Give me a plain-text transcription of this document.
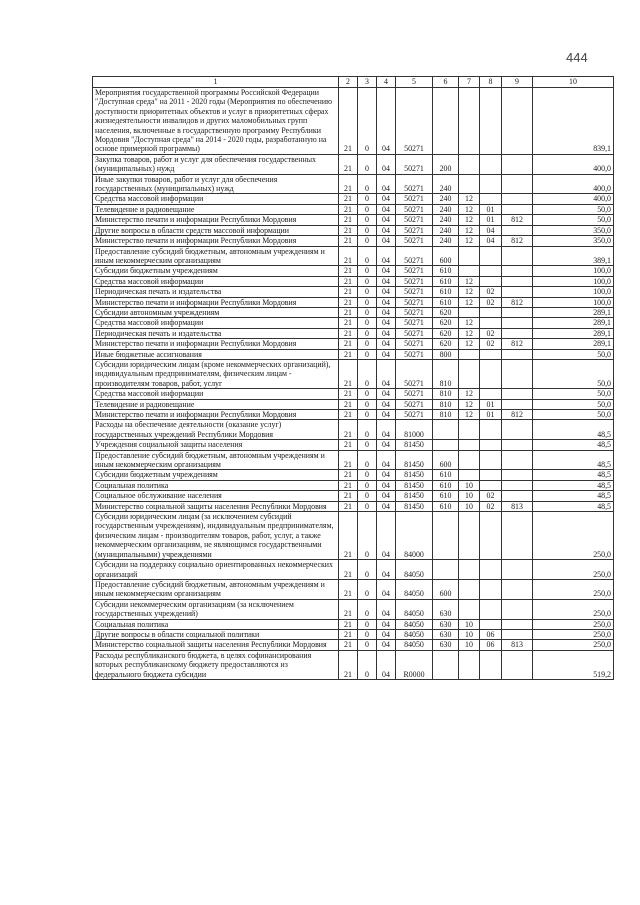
444
1	2	3	4	5	6	7	8	9	10
Мероприятия государственной программы Российской Федерации "Доступная среда" на 2011 - 2020 годы (Мероприятия по обеспечению доступности приоритетных объектов и услуг в приоритетных сферах жизнедеятельности инвалидов и других маломобильных групп населения, включенные в государственную программу Республики Мордовия "Доступная среда" на 2014 - 2020 годы, разработанную на основе примерной программы)	21	0	04	50271					839,1
Закупка товаров, работ и услуг для обеспечения государственных (муниципальных) нужд	21	0	04	50271	200				400,0
Иные закупки товаров, работ и услуг для обеспечения государственных (муниципальных) нужд	21	0	04	50271	240				400,0
Средства массовой информации	21	0	04	50271	240	12			400,0
Телевидение и радиовещание	21	0	04	50271	240	12	01		50,0
Министерство печати и информации Республики Мордовия	21	0	04	50271	240	12	01	812	50,0
Другие вопросы в области средств массовой информации	21	0	04	50271	240	12	04		350,0
Министерство печати и информации Республики Мордовия	21	0	04	50271	240	12	04	812	350,0
Предоставление субсидий бюджетным, автономным учреждениям и иным некоммерческим организациям	21	0	04	50271	600				389,1
Субсидии бюджетным учреждениям	21	0	04	50271	610				100,0
Средства массовой информации	21	0	04	50271	610	12			100,0
Периодическая печать и издательства	21	0	04	50271	610	12	02		100,0
Министерство печати и информации Республики Мордовия	21	0	04	50271	610	12	02	812	100,0
Субсидии автономным учреждениям	21	0	04	50271	620				289,1
Средства массовой информации	21	0	04	50271	620	12			289,1
Периодическая печать и издательства	21	0	04	50271	620	12	02		289,1
Министерство печати и информации Республики Мордовия	21	0	04	50271	620	12	02	812	289,1
Иные бюджетные ассигнования	21	0	04	50271	800				50,0
Субсидии юридическим лицам (кроме некоммерческих организаций), индивидуальным предпринимателям, физическим лицам - производителям товаров, работ, услуг	21	0	04	50271	810				50,0
Средства массовой информации	21	0	04	50271	810	12			50,0
Телевидение и радиовещание	21	0	04	50271	810	12	01		50,0
Министерство печати и информации Республики Мордовия	21	0	04	50271	810	12	01	812	50,0
Расходы на обеспечение деятельности (оказание услуг) государственных учреждений Республики Мордовия	21	0	04	81000					48,5
Учреждения социальной защиты населения	21	0	04	81450					48,5
Предоставление субсидий бюджетным, автономным учреждениям и иным некоммерческим организациям	21	0	04	81450	600				48,5
Субсидии бюджетным учреждениям	21	0	04	81450	610				48,5
Социальная политика	21	0	04	81450	610	10			48,5
Социальное обслуживание населения	21	0	04	81450	610	10	02		48,5
Министерство социальной защиты населения Республики Мордовия	21	0	04	81450	610	10	02	813	48,5
Субсидии юридическим лицам (за исключением субсидий государственным учреждениям), индивидуальным предпринимателям, физическим лицам - производителям товаров, работ, услуг, а также некоммерческим организациям, не являющимся государственными (муниципальными) учреждениями	21	0	04	84000					250,0
Субсидии на поддержку социально ориентированных некоммерческих организаций	21	0	04	84050					250,0
Предоставление субсидий бюджетным, автономным учреждениям и иным некоммерческим организациям	21	0	04	84050	600				250,0
Субсидии некоммерческим организациям (за исключением государственных учреждений)	21	0	04	84050	630				250,0
Социальная политика	21	0	04	84050	630	10			250,0
Другие вопросы в области социальной политики	21	0	04	84050	630	10	06		250,0
Министерство социальной защиты населения Республики Мордовия	21	0	04	84050	630	10	06	813	250,0
Расходы республиканского бюджета, в целях софинансирования которых республиканскому бюджету предоставляются из федерального бюджета субсидии	21	0	04	R0000					519,2
